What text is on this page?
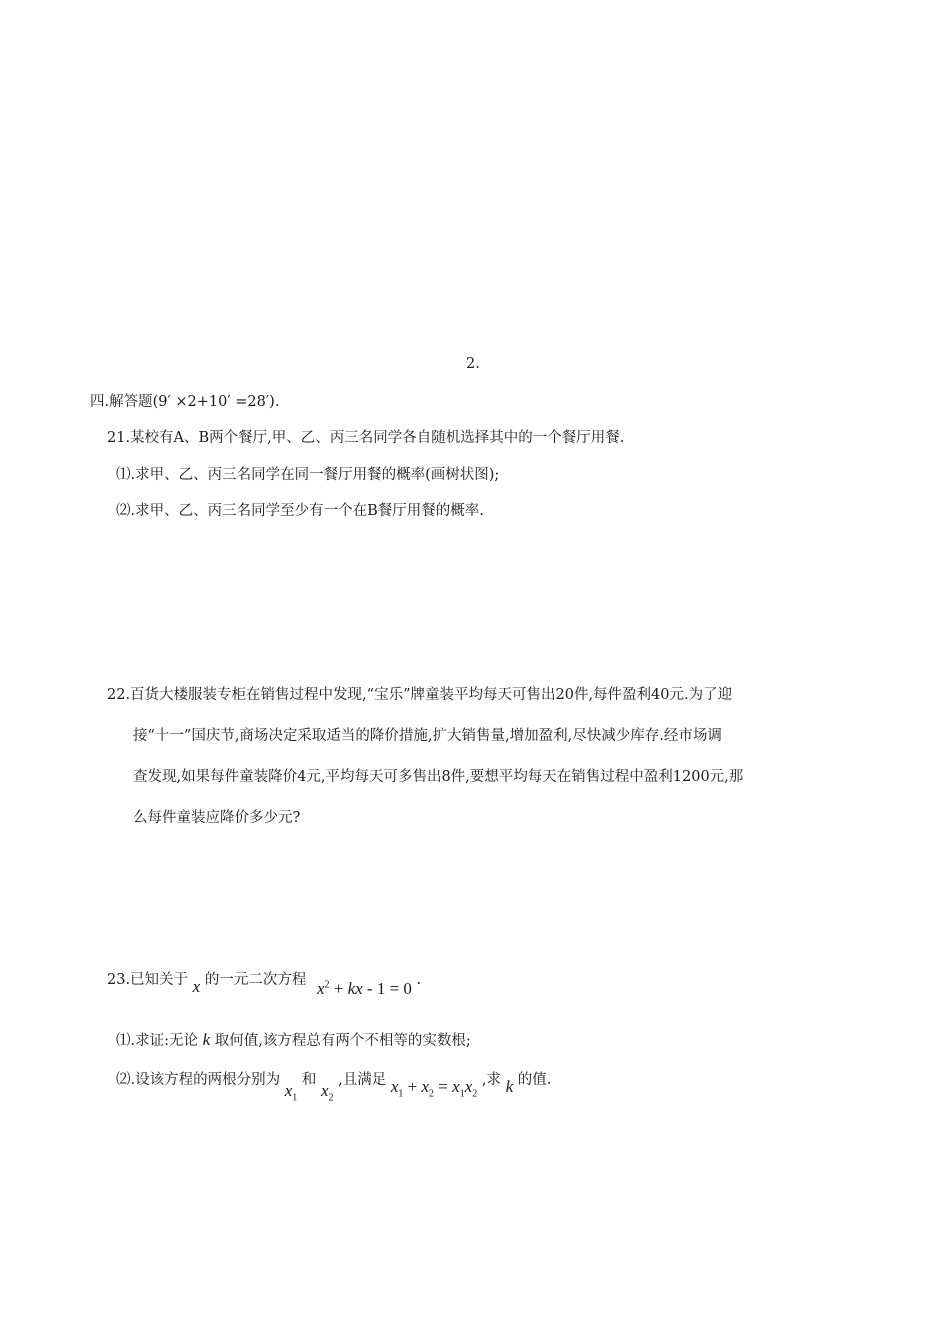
2.
四.解答题(9′ ×2+10′ =28′).
21.某校有A、B两个餐厅,甲、乙、丙三名同学各自随机选择其中的一个餐厅用餐.
⑴.求甲、乙、丙三名同学在同一餐厅用餐的概率(画树状图);
⑵.求甲、乙、丙三名同学至少有一个在B餐厅用餐的概率.
22.百货大楼服装专柜在销售过程中发现,“宝乐”牌童装平均每天可售出20件,每件盈利40元.为了迎
接“十一”国庆节,商场决定采取适当的降价措施,扩大销售量,增加盈利,尽快减少库存.经市场调
查发现,如果每件童装降价4元,平均每天可多售出8件,要想平均每天在销售过程中盈利1200元,那
么每件童装应降价多少元?
23.已知关于 x 的一元二次方程 $x^2$ + kx - 1 = 0 .
⑴.求证:无论 k 取何值,该方程总有两个不相等的实数根;
⑵.设该方程的两根分别为 $x_1$ 和 $x_2$ ,且满足 $x_1 + x_2 = x_1x_2$ ,求 k 的值.
